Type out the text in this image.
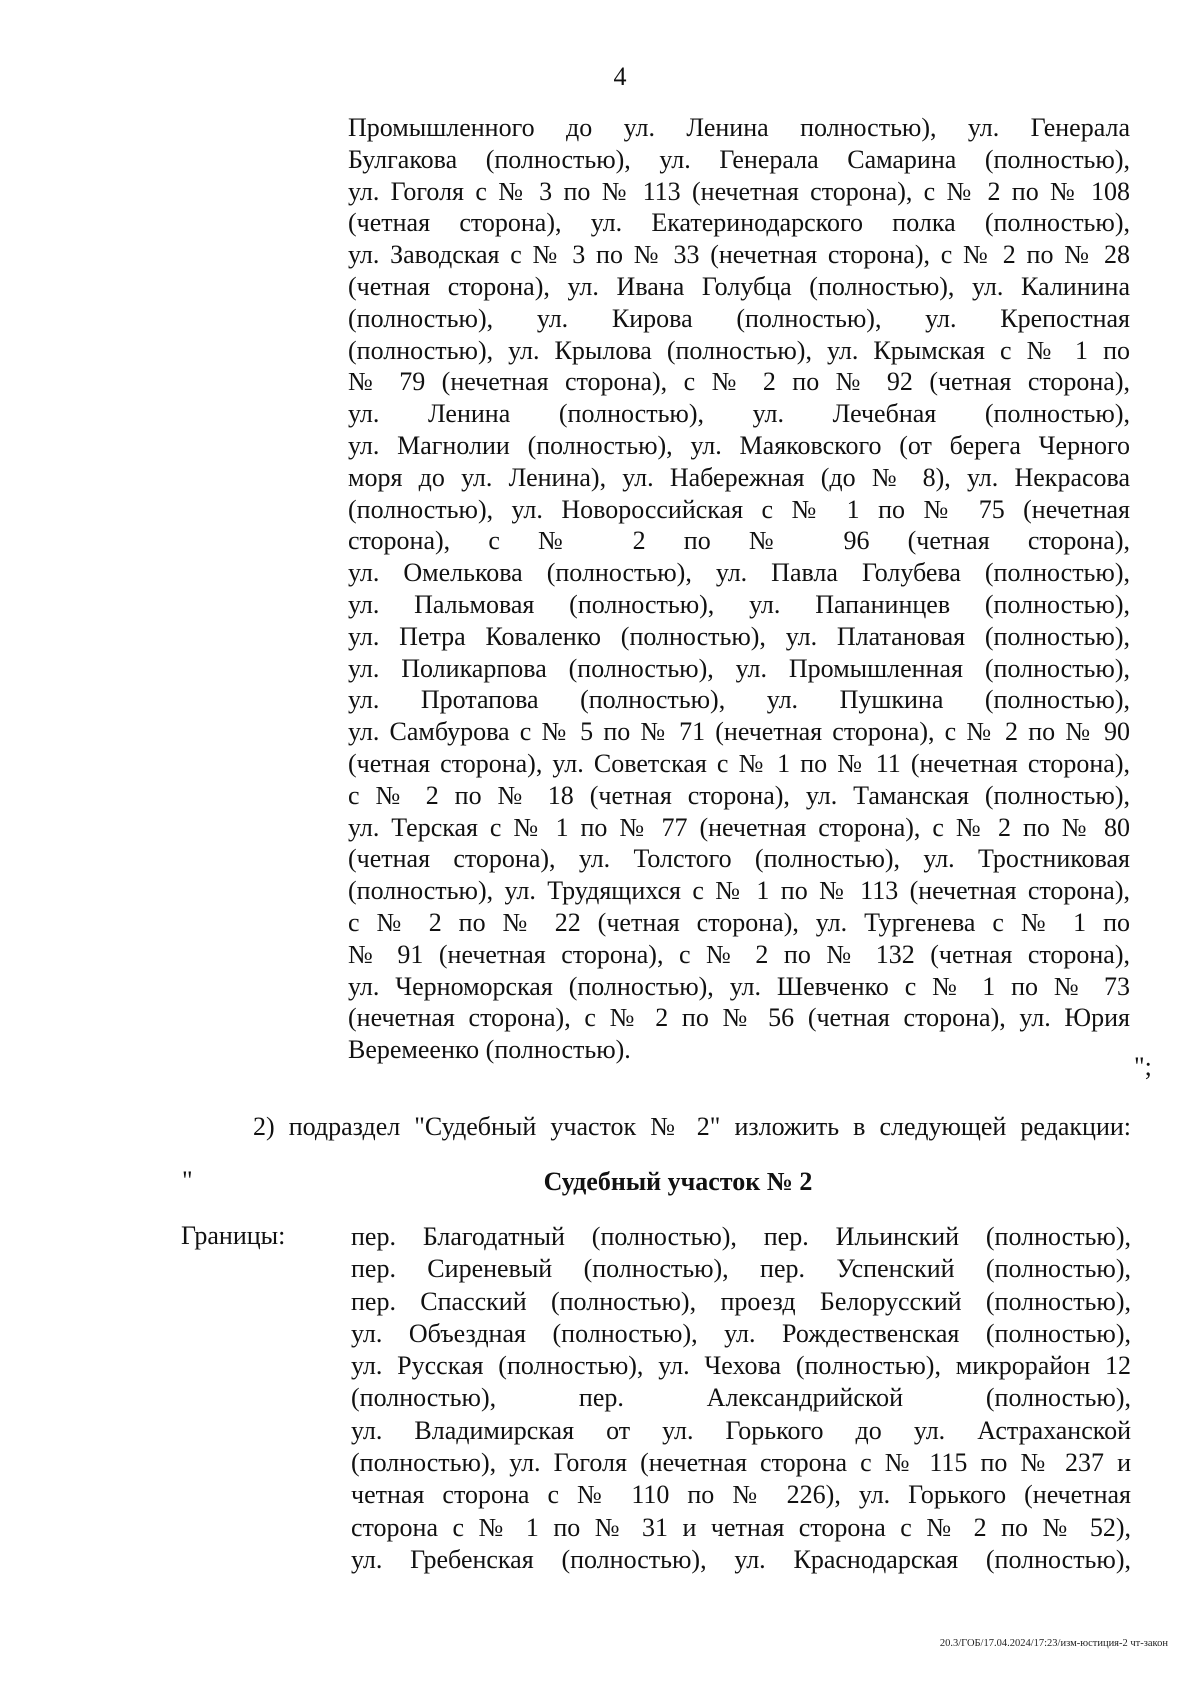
4
Промышленного до ул. Ленина полностью), ул. Генерала
Булгакова (полностью), ул. Генерала Самарина (полностью),
ул. Гоголя с № 3 по № 113 (нечетная сторона), с № 2 по № 108
(четная сторона), ул. Екатеринодарского полка (полностью),
ул. Заводская с № 3 по № 33 (нечетная сторона), с № 2 по № 28
(четная сторона), ул. Ивана Голубца (полностью), ул. Калинина
(полностью), ул. Кирова (полностью), ул. Крепостная
(полностью), ул. Крылова (полностью), ул. Крымская с № 1 по
№ 79 (нечетная сторона), с № 2 по № 92 (четная сторона),
ул. Ленина (полностью), ул. Лечебная (полностью),
ул. Магнолии (полностью), ул. Маяковского (от берега Черного
моря до ул. Ленина), ул. Набережная (до № 8), ул. Некрасова
(полностью), ул. Новороссийская с № 1 по № 75 (нечетная
сторона), с № 2 по № 96 (четная сторона),
ул. Омелькова (полностью), ул. Павла Голубева (полностью),
ул. Пальмовая (полностью), ул. Папанинцев (полностью),
ул. Петра Коваленко (полностью), ул. Платановая (полностью),
ул. Поликарпова (полностью), ул. Промышленная (полностью),
ул. Протапова (полностью), ул. Пушкина (полностью),
ул. Самбурова с № 5 по № 71 (нечетная сторона), с № 2 по № 90
(четная сторона), ул. Советская с № 1 по № 11 (нечетная сторона),
с № 2 по № 18 (четная сторона), ул. Таманская (полностью),
ул. Терская с № 1 по № 77 (нечетная сторона), с № 2 по № 80
(четная сторона), ул. Толстого (полностью), ул. Тростниковая
(полностью), ул. Трудящихся с № 1 по № 113 (нечетная сторона),
с № 2 по № 22 (четная сторона), ул. Тургенева с № 1 по
№ 91 (нечетная сторона), с № 2 по № 132 (четная сторона),
ул. Черноморская (полностью), ул. Шевченко с № 1 по № 73
(нечетная сторона), с № 2 по № 56 (четная сторона), ул. Юрия
Веремеенко (полностью).
";
2) подраздел "Судебный участок № 2" изложить в следующей редакции:
"	Судебный участок № 2
Границы:	пер. Благодатный (полностью), пер. Ильинский (полностью),
пер. Сиреневый (полностью), пер. Успенский (полностью),
пер. Спасский (полностью), проезд Белорусский (полностью),
ул. Объездная (полностью), ул. Рождественская (полностью),
ул. Русская (полностью), ул. Чехова (полностью), микрорайон 12
(полностью), пер. Александрийской (полностью),
ул. Владимирская от ул. Горького до ул. Астраханской
(полностью), ул. Гоголя (нечетная сторона с № 115 по № 237 и
четная сторона с № 110 по № 226), ул. Горького (нечетная
сторона с № 1 по № 31 и четная сторона с № 2 по № 52),
ул. Гребенская (полностью), ул. Краснодарская (полностью),
20.3/ГОБ/17.04.2024/17:23/изм-юстиция-2 чт-закон
